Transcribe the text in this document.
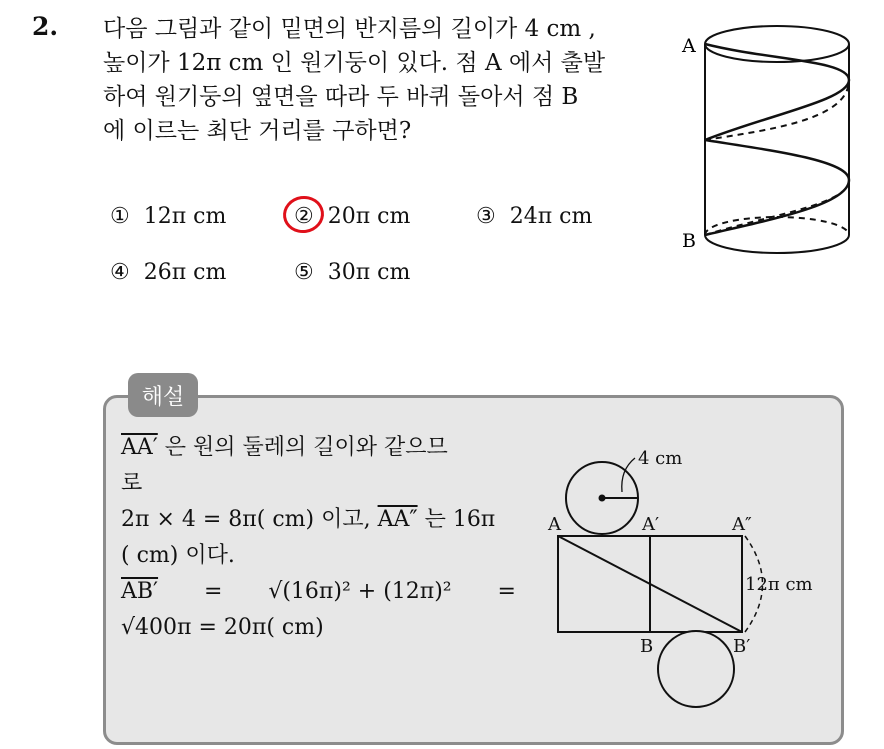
2. 다음 그림과 같이 밑면의 반지름의 길이가 4 cm ,
높이가 12π cm 인 원기둥이 있다. 점 A 에서 출발
하여 원기둥의 옆면을 따라 두 바퀴 돌아서 점 B
에 이르는 최단 거리를 구하면?
① 12π cm	② 20π cm	③ 24π cm
④ 26π cm	⑤ 30π cm
A
B
해설
AA′ 은 원의 둘레의 길이와 같으므
로
2π × 4 = 8π( cm) 이고, AA″ 는 16π
( cm) 이다.
AB′ = √(16π)² + (12π)² =
√400π = 20π( cm)
4 cm
A	A′	A″
B	B′
12π cm
